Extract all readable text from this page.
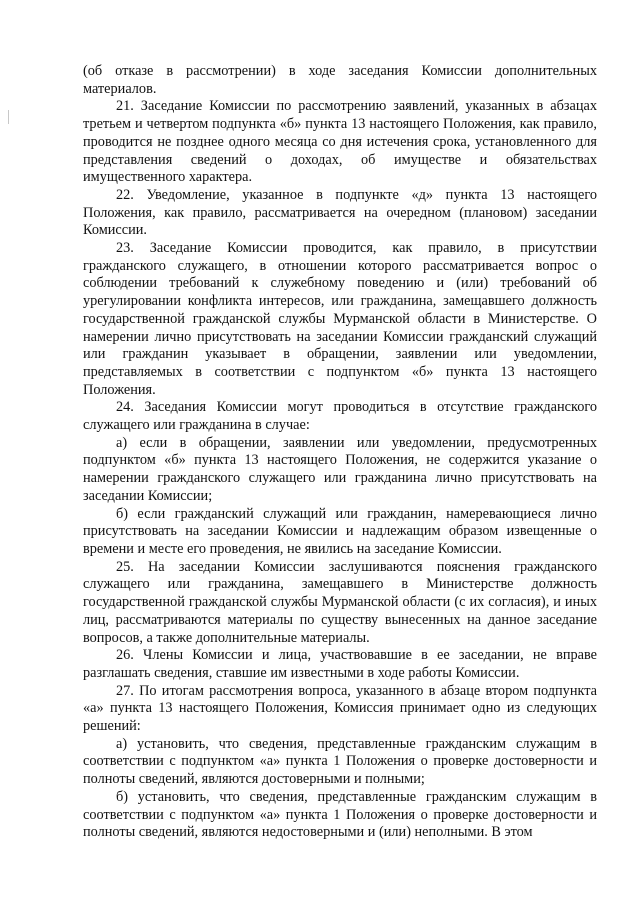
(об отказе в рассмотрении) в ходе заседания Комиссии дополнительных материалов.

21. Заседание Комиссии по рассмотрению заявлений, указанных в абзацах третьем и четвертом подпункта «б» пункта 13 настоящего Положения, как правило, проводится не позднее одного месяца со дня истечения срока, установленного для представления сведений о доходах, об имуществе и обязательствах имущественного характера.

22. Уведомление, указанное в подпункте «д» пункта 13 настоящего Положения, как правило, рассматривается на очередном (плановом) заседании Комиссии.

23. Заседание Комиссии проводится, как правило, в присутствии гражданского служащего, в отношении которого рассматривается вопрос о соблюдении требований к служебному поведению и (или) требований об урегулировании конфликта интересов, или гражданина, замещавшего должность государственной гражданской службы Мурманской области в Министерстве. О намерении лично присутствовать на заседании Комиссии гражданский служащий или гражданин указывает в обращении, заявлении или уведомлении, представляемых в соответствии с подпунктом «б» пункта 13 настоящего Положения.

24. Заседания Комиссии могут проводиться в отсутствие гражданского служащего или гражданина в случае:

а) если в обращении, заявлении или уведомлении, предусмотренных подпунктом «б» пункта 13 настоящего Положения, не содержится указание о намерении гражданского служащего или гражданина лично присутствовать на заседании Комиссии;

б) если гражданский служащий или гражданин, намеревающиеся лично присутствовать на заседании Комиссии и надлежащим образом извещенные о времени и месте его проведения, не явились на заседание Комиссии.

25. На заседании Комиссии заслушиваются пояснения гражданского служащего или гражданина, замещавшего в Министерстве должность государственной гражданской службы Мурманской области (с их согласия), и иных лиц, рассматриваются материалы по существу вынесенных на данное заседание вопросов, а также дополнительные материалы.

26. Члены Комиссии и лица, участвовавшие в ее заседании, не вправе разглашать сведения, ставшие им известными в ходе работы Комиссии.

27. По итогам рассмотрения вопроса, указанного в абзаце втором подпункта «а» пункта 13 настоящего Положения, Комиссия принимает одно из следующих решений:

а) установить, что сведения, представленные гражданским служащим в соответствии с подпунктом «а» пункта 1 Положения о проверке достоверности и полноты сведений, являются достоверными и полными;

б) установить, что сведения, представленные гражданским служащим в соответствии с подпунктом «а» пункта 1 Положения о проверке достоверности и полноты сведений, являются недостоверными и (или) неполными. В этом
